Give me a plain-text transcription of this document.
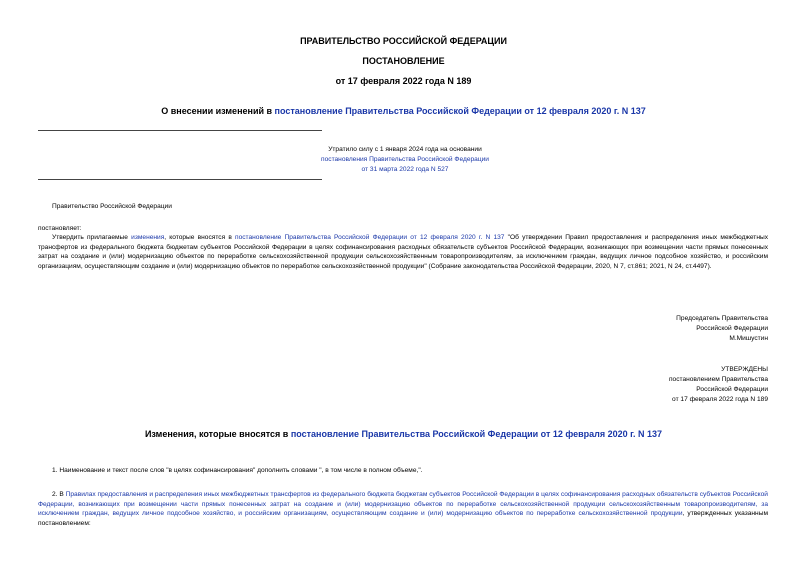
ПРАВИТЕЛЬСТВО РОССИЙСКОЙ ФЕДЕРАЦИИ
ПОСТАНОВЛЕНИЕ
от 17 февраля 2022 года N 189
О внесении изменений в постановление Правительства Российской Федерации от 12 февраля 2020 г. N 137
Утратило силу с 1 января 2024 года на основании
постановления Правительства Российской Федерации
от 31 марта 2022 года N 527
Правительство Российской Федерации
постановляет:
Утвердить прилагаемые изменения, которые вносятся в постановление Правительства Российской Федерации от 12 февраля 2020 г. N 137 "Об утверждении Правил предоставления и распределения иных межбюджетных трансфертов из федерального бюджета бюджетам субъектов Российской Федерации в целях софинансирования расходных обязательств субъектов Российской Федерации, возникающих при возмещении части прямых понесенных затрат на создание и (или) модернизацию объектов по переработке сельскохозяйственной продукции сельскохозяйственным товаропроизводителям, за исключением граждан, ведущих личное подсобное хозяйство, и российским организациям, осуществляющим создание и (или) модернизацию объектов по переработке сельскохозяйственной продукции" (Собрание законодательства Российской Федерации, 2020, N 7, ст.861; 2021, N 24, ст.4497).
Председатель Правительства
Российской Федерации
М.Мишустин
УТВЕРЖДЕНЫ
постановлением Правительства
Российской Федерации
от 17 февраля 2022 года N 189
Изменения, которые вносятся в постановление Правительства Российской Федерации от 12 февраля 2020 г. N 137
1. Наименование и текст после слов "в целях софинансирования" дополнить словами ", в том числе в полном объеме,".
2. В Правилах предоставления и распределения иных межбюджетных трансфертов из федерального бюджета бюджетам субъектов Российской Федерации в целях софинансирования расходных обязательств субъектов Российской Федерации, возникающих при возмещении части прямых понесенных затрат на создание и (или) модернизацию объектов по переработке сельскохозяйственной продукции сельскохозяйственным товаропроизводителям, за исключением граждан, ведущих личное подсобное хозяйство, и российским организациям, осуществляющим создание и (или) модернизацию объектов по переработке сельскохозяйственной продукции, утвержденных указанным постановлением:
